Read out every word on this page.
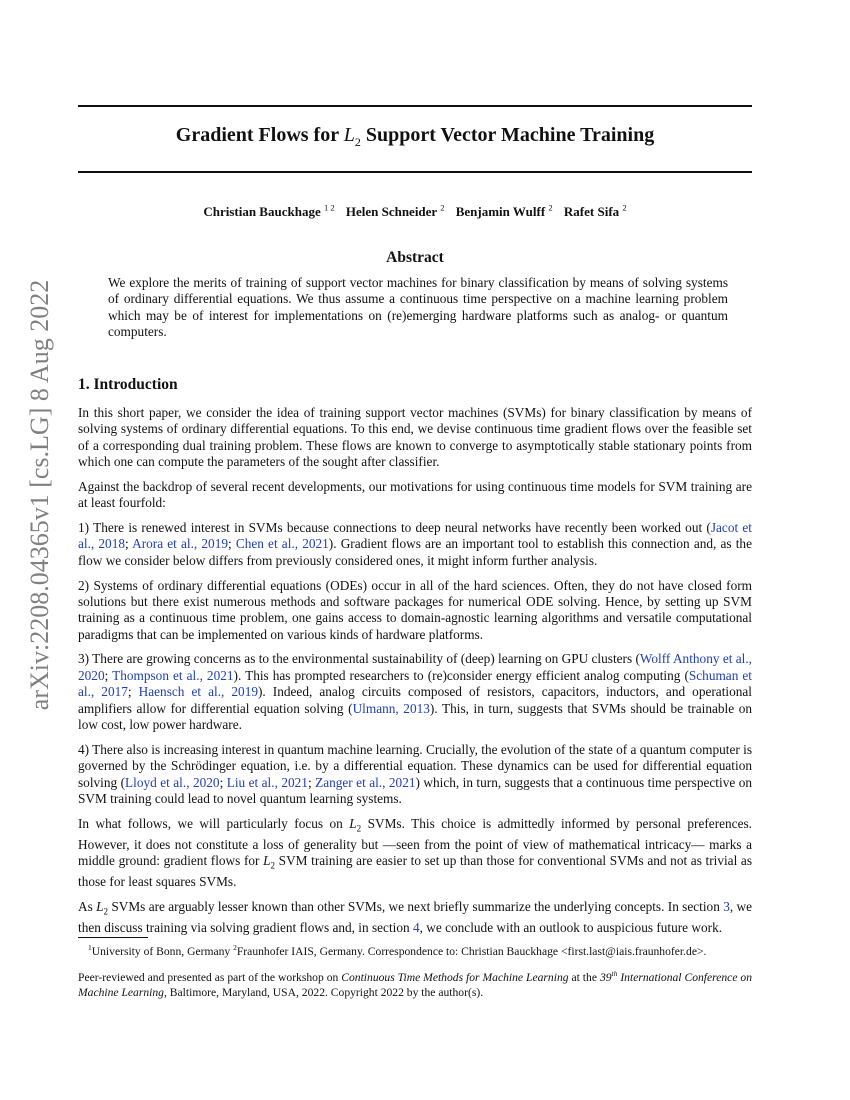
arXiv:2208.04365v1 [cs.LG] 8 Aug 2022
Gradient Flows for $L_2$ Support Vector Machine Training
Christian Bauckhage $^{1 2}$ Helen Schneider $^2$ Benjamin Wulff $^2$ Rafet Sifa $^2$
Abstract
We explore the merits of training of support vector machines for binary classification by means of solving systems of ordinary differential equations. We thus assume a continuous time perspective on a machine learning problem which may be of interest for implementations on (re)emerging hardware platforms such as analog- or quantum computers.
1. Introduction

In this short paper, we consider the idea of training support vector machines (SVMs) for binary classification by means of solving systems of ordinary differential equations. To this end, we devise continuous time gradient flows over the feasible set of a corresponding dual training problem. These flows are known to converge to asymptotically stable stationary points from which one can compute the parameters of the sought after classifier.

Against the backdrop of several recent developments, our motivations for using continuous time models for SVM training are at least fourfold:

1) There is renewed interest in SVMs because connections to deep neural networks have recently been worked out (Jacot et al., 2018; Arora et al., 2019; Chen et al., 2021). Gradient flows are an important tool to establish this connection and, as the flow we consider below differs from previously considered ones, it might inform further analysis.

2) Systems of ordinary differential equations (ODEs) occur in all of the hard sciences. Often, they do not have closed form solutions but there exist numerous methods and software packages for numerical ODE solving. Hence, by setting up SVM training as a continuous time problem, one gains access to domain-agnostic learning algorithms and versatile computational paradigms that can be implemented on various kinds of hardware platforms.

3) There are growing concerns as to the environmental sustainability of (deep) learning on GPU clusters (Wolff Anthony et al., 2020; Thompson et al., 2021). This has prompted researchers to (re)consider energy efficient analog computing (Schuman et al., 2017; Haensch et al., 2019). Indeed, analog circuits composed of resistors, capacitors, inductors, and operational amplifiers allow for differential equation solving (Ulmann, 2013). This, in turn, suggests that SVMs should be trainable on low cost, low power hardware.

4) There also is increasing interest in quantum machine learning. Crucially, the evolution of the state of a quantum computer is governed by the Schrödinger equation, i.e. by a differential equation. These dynamics can be used for differential equation solving (Lloyd et al., 2020; Liu et al., 2021; Zanger et al., 2021) which, in turn, suggests that a continuous time perspective on SVM training could lead to novel quantum learning systems.

In what follows, we will particularly focus on $L_2$ SVMs. This choice is admittedly informed by personal preferences. However, it does not constitute a loss of generality but —seen from the point of view of mathematical intricacy— marks a middle ground: gradient flows for $L_2$ SVM training are easier to set up than those for conventional SVMs and not as trivial as those for least squares SVMs.

As $L_2$ SVMs are arguably lesser known than other SVMs, we next briefly summarize the underlying concepts. In section 3, we then discuss training via solving gradient flows and, in section 4, we conclude with an outlook to auspicious future work.

$^1$University of Bonn, Germany $^2$Fraunhofer IAIS, Germany. Correspondence to: Christian Bauckhage <first.last@iais.fraunhofer.de>.
Peer-reviewed and presented as part of the workshop on Continuous Time Methods for Machine Learning at the 39th International Conference on Machine Learning, Baltimore, Maryland, USA, 2022. Copyright 2022 by the author(s).
